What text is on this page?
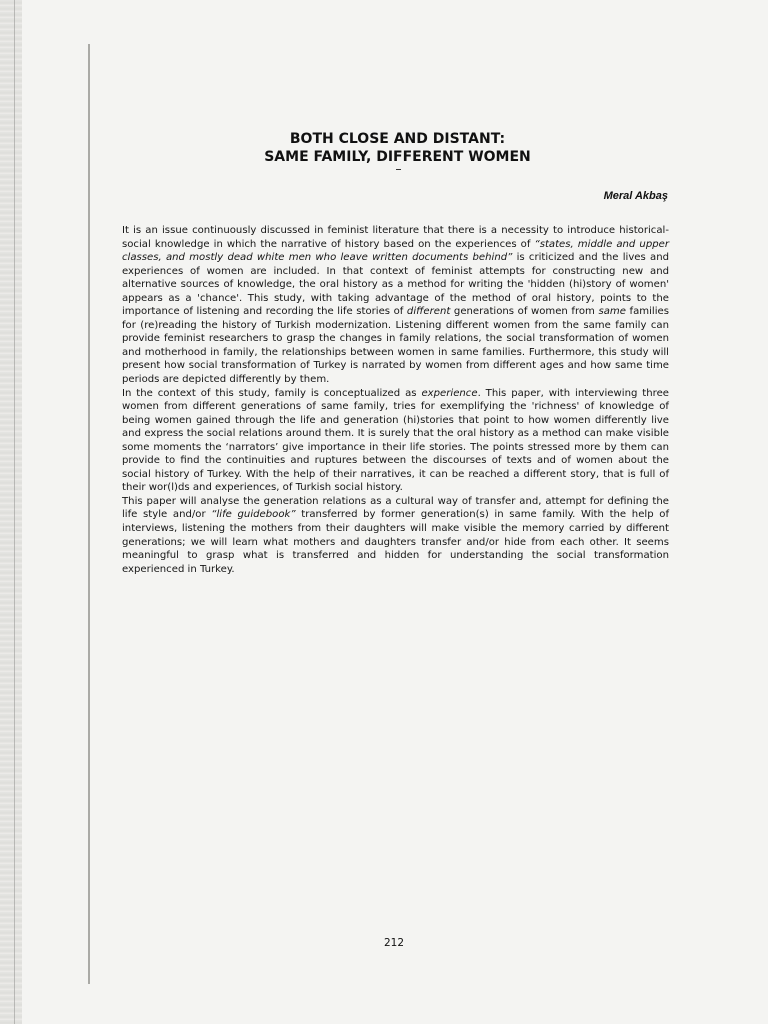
BOTH CLOSE AND DISTANT:
SAME FAMILY, DIFFERENT WOMEN
Meral Akbaş

It is an issue continuously discussed in feminist literature that there is a necessity to introduce historical-social knowledge in which the narrative of history based on the experiences of “states, middle and upper classes, and mostly dead white men who leave written documents behind” is criticized and the lives and experiences of women are included. In that context of feminist attempts for constructing new and alternative sources of knowledge, the oral history as a method for writing the 'hidden (hi)story of women' appears as a 'chance'. This study, with taking advantage of the method of oral history, points to the importance of listening and recording the life stories of different generations of women from same families for (re)reading the history of Turkish modernization. Listening different women from the same family can provide feminist researchers to grasp the changes in family relations, the social transformation of women and motherhood in family, the relationships between women in same families. Furthermore, this study will present how social transformation of Turkey is narrated by women from different ages and how same time periods are depicted differently by them.

In the context of this study, family is conceptualized as experience. This paper, with interviewing three women from different generations of same family, tries for exemplifying the 'richness' of knowledge of being women gained through the life and generation (hi)stories that point to how women differently live and express the social relations around them. It is surely that the oral history as a method can make visible some moments the ‘narrators’ give importance in their life stories. The points stressed more by them can provide to find the continuities and ruptures between the discourses of texts and of women about the social history of Turkey. With the help of their narratives, it can be reached a different story, that is full of their wor(l)ds and experiences, of Turkish social history.

This paper will analyse the generation relations as a cultural way of transfer and, attempt for defining the life style and/or “life guidebook” transferred by former generation(s) in same family. With the help of interviews, listening the mothers from their daughters will make visible the memory carried by different generations; we will learn what mothers and daughters transfer and/or hide from each other. It seems meaningful to grasp what is transferred and hidden for understanding the social transformation experienced in Turkey.

212
